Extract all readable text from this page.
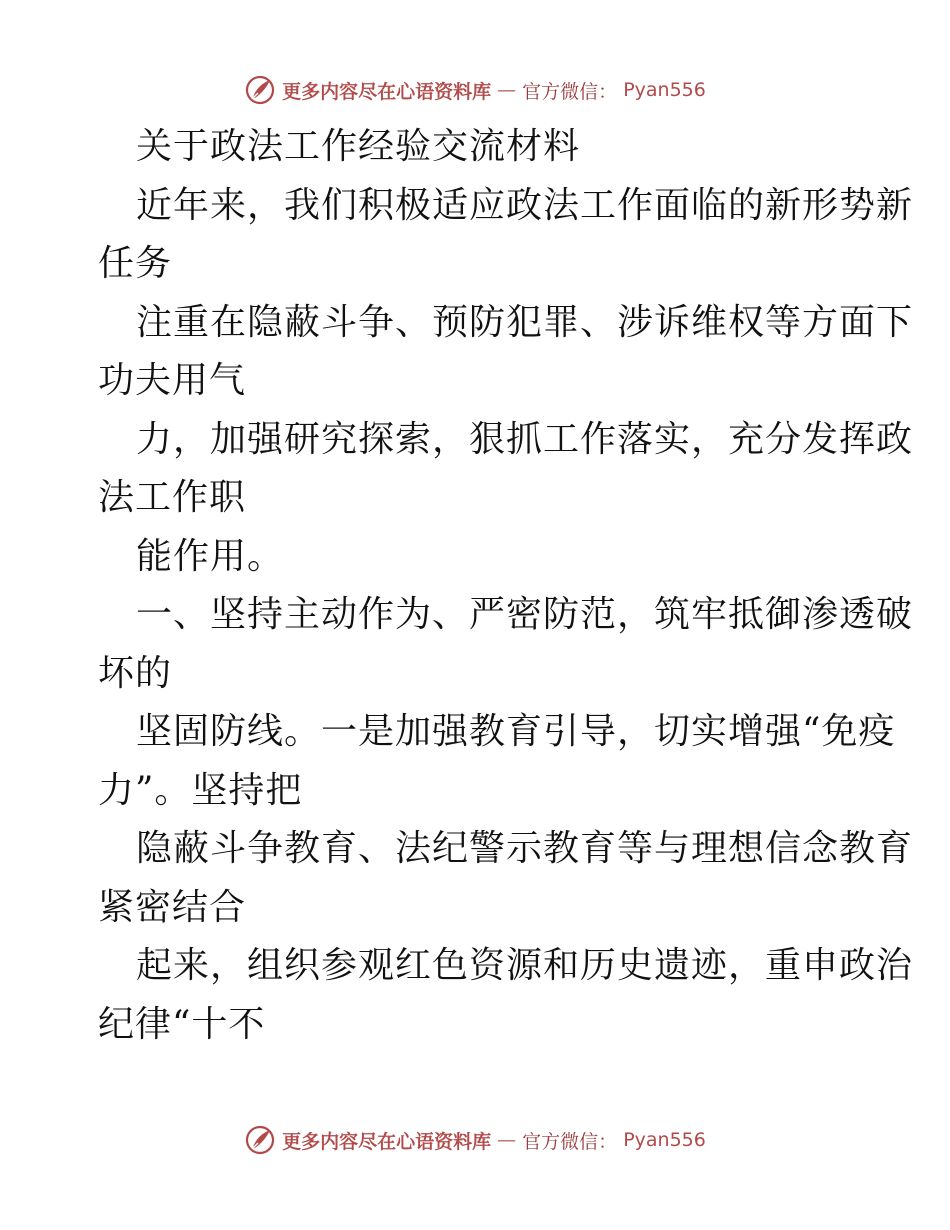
更多内容尽在心语资料库 — 官方微信： Pyan556
关于政法工作经验交流材料
近年来，我们积极适应政法工作面临的新形势新
任务
注重在隐蔽斗争、预防犯罪、涉诉维权等方面下
功夫用气
力，加强研究探索，狠抓工作落实，充分发挥政
法工作职
能作用。
一、坚持主动作为、严密防范，筑牢抵御渗透破
坏的
坚固防线。一是加强教育引导，切实增强“免疫
力”。坚持把
隐蔽斗争教育、法纪警示教育等与理想信念教育
紧密结合
起来，组织参观红色资源和历史遗迹，重申政治
纪律“十不
更多内容尽在心语资料库 — 官方微信： Pyan556
